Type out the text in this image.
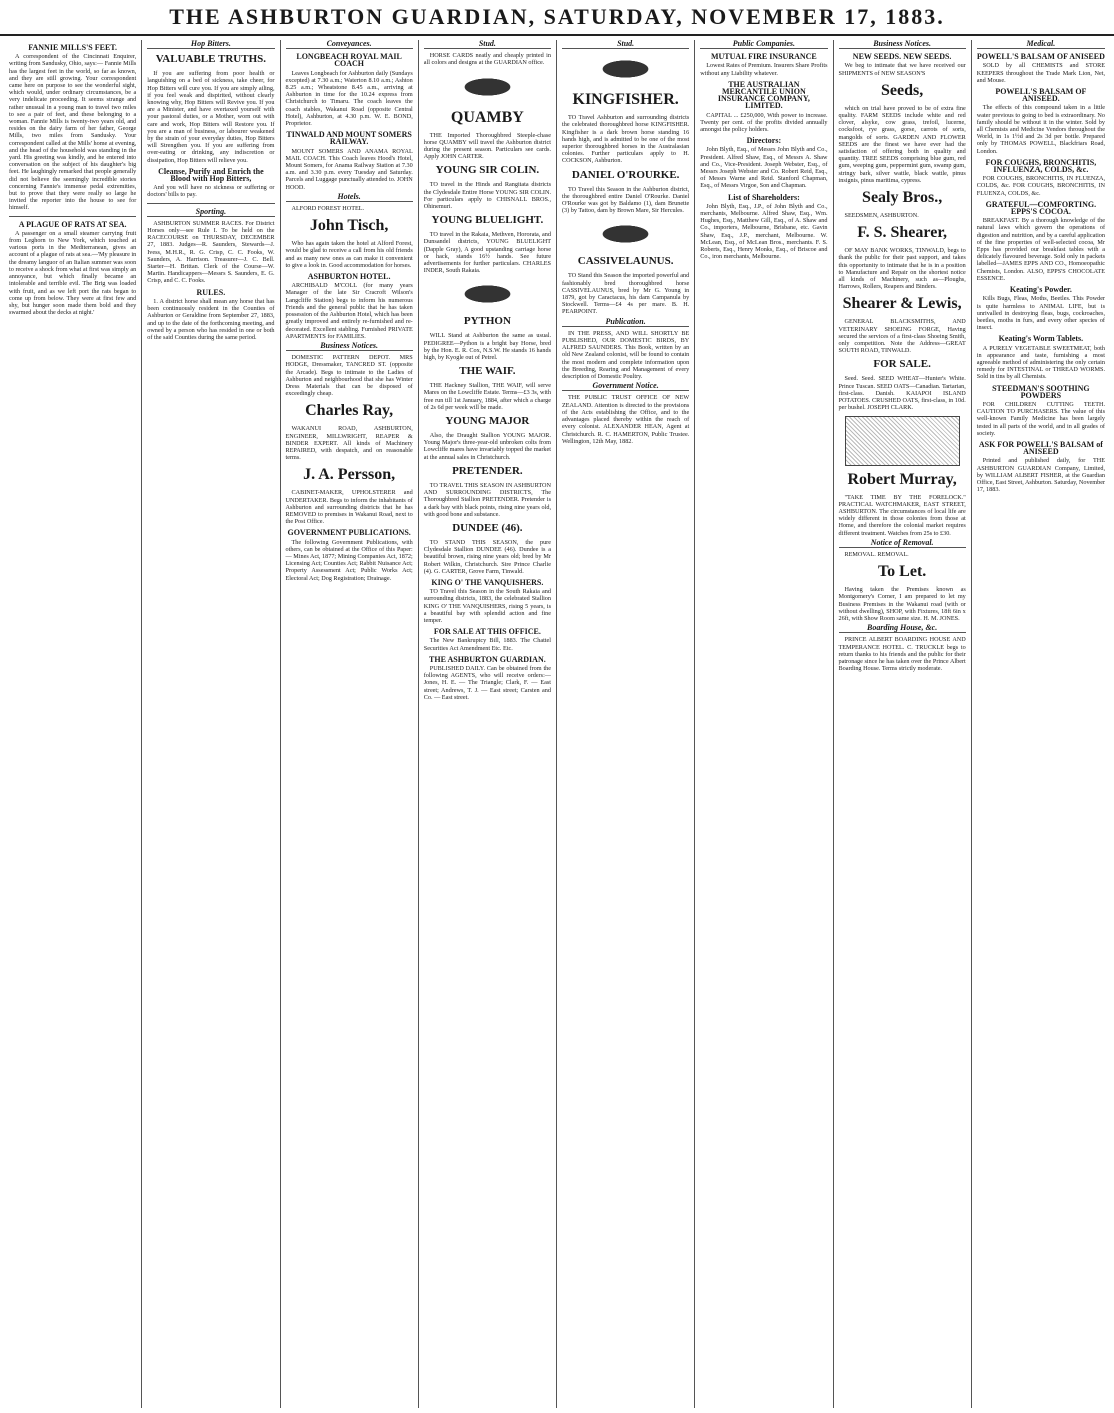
THE ASHBURTON GUARDIAN, SATURDAY, NOVEMBER 17, 1883.
FANNIE MILLS'S FEET.

A correspondent of the Cincinnati Enquirer, writing from Sandusky, Ohio, says:— Fannie Mills has the largest feet in the world, so far as known, and they are still growing. Your correspondent came here on purpose to see the wonderful sight, which would, under ordinary circumstances, be a very indelicate proceeding. It seems strange and rather unusual in a young man to travel two miles to see a pair of feet, and these belonging to a woman. Fannie Mills is twenty-two years old, and resides on the dairy farm of her father, George Mills, two miles from Sandusky. Your correspondent called at the Mills' home at evening, and the head of the household was standing in the yard. His greeting was kindly, and he entered into conversation on the subject of his daughter's big feet. He laughingly remarked that people generally did not believe the seemingly incredible stories concerning Fannie's immense pedal extremities, but to prove that they were really so large he invited the reporter into the house to see for himself.

A PLAGUE OF RATS AT SEA.

A passenger on a small steamer carrying fruit from Leghorn to New York, which touched at various ports in the Mediterranean, gives an account of a plague of rats at sea.—'My pleasure in the dreamy languor of an Italian summer was soon to receive a shock from what at first was simply an annoyance, but which finally became an intolerable and terrible evil. The Brig was loaded with fruit, and as we left port the rats began to come up from below. They were at first few and shy, but hunger soon made them bold and they swarmed about the decks at night.'

Hop Bitters.
VALUABLE TRUTHS.

If you are suffering from poor health or languishing on a bed of sickness, take cheer, for Hop Bitters will cure you. If you are simply ailing, if you feel weak and dispirited, without clearly knowing why, Hop Bitters will Revive you. If you are a Minister, and have overtaxed yourself with your pastoral duties, or a Mother, worn out with care and work, Hop Bitters will Restore you. If you are a man of business, or labourer weakened by the strain of your everyday duties, Hop Bitters will Strengthen you. If you are suffering from over-eating or drinking, any indiscretion or dissipation, Hop Bitters will relieve you.

Cleanse, Purify and Enrich the Blood with Hop Bitters,

And you will have no sickness or suffering or doctors' bills to pay.

Sporting.

ASHBURTON SUMMER RACES. For District Horses only—see Rule I. To be held on the RACECOURSE on THURSDAY, DECEMBER 27, 1883. Judges—R. Saunders, Stewards—J. Ivess, M.H.R., R. G. Crisp, C. C. Fooks, W. Saunders, A. Harrison. Treasurer—J. C. Bell. Starter—H. Brittan. Clerk of the Course—W. Martin. Handicappers—Messrs S. Saunders, E. G. Crisp, and C. C. Fooks.

RULES.

1. A district horse shall mean any horse that has been continuously resident in the Counties of Ashburton or Geraldine from September 27, 1883, and up to the date of the forthcoming meeting, and owned by a person who has resided in one or both of the said Counties during the same period.

Conveyances.
LONGBEACH ROYAL MAIL COACH

Leaves Longbeach for Ashburton daily (Sundays excepted) at 7.30 a.m.; Waterton 8.10 a.m.; Ashton 8.25 a.m.; Wheatstone 8.45 a.m., arriving at Ashburton in time for the 10.24 express from Christchurch to Timaru. The coach leaves the coach stables, Wakanui Road (opposite Central Hotel), Ashburton, at 4.30 p.m. W. E. BOND, Proprietor.

TINWALD AND MOUNT SOMERS RAILWAY.

MOUNT SOMERS AND ANAMA ROYAL MAIL COACH. This Coach leaves Hood's Hotel, Mount Somers, for Anama Railway Station at 7.30 a.m. and 3.30 p.m. every Tuesday and Saturday. Parcels and Luggage punctually attended to. JOHN HOOD.

Hotels.

ALFORD FOREST HOTEL.

John Tisch,

Who has again taken the hotel at Alford Forest, would be glad to receive a call from his old friends and as many new ones as can make it convenient to give a look in. Good accommodation for horses.

ASHBURTON HOTEL.

ARCHIBALD M'COLL (for many years Manager of the late Sir Cracroft Wilson's Langcliffe Station) begs to inform his numerous Friends and the general public that he has taken possession of the Ashburton Hotel, which has been greatly improved and entirely re-furnished and re-decorated. Excellent stabling. Furnished PRIVATE APARTMENTS for FAMILIES.

Business Notices.

DOMESTIC PATTERN DEPOT. MRS HODGE, Dressmaker, TANCRED ST. (opposite the Arcade). Begs to intimate to the Ladies of Ashburton and neighbourhood that she has Winter Dress Materials that can be disposed of exceedingly cheap.

Charles Ray,

WAKANUI ROAD, ASHBURTON, ENGINEER, MILLWRIGHT, REAPER & BINDER EXPERT. All kinds of Machinery REPAIRED, with despatch, and on reasonable terms.

J. A. Persson,

CABINET-MAKER, UPHOLSTERER and UNDERTAKER. Begs to inform the inhabitants of Ashburton and surrounding districts that he has REMOVED to premises in Wakanui Road, next to the Post Office.

GOVERNMENT PUBLICATIONS.

The following Government Publications, with others, can be obtained at the Office of this Paper:— Mines Act, 1877; Mining Companies Act, 1872; Licensing Act; Counties Act; Rabbit Nuisance Act; Property Assessment Act; Public Works Act; Electoral Act; Dog Registration; Drainage.

Stud.

HORSE CARDS neatly and cheaply printed in all colors and designs at the GUARDIAN office.

QUAMBY

THE Imported Thoroughbred Steeple-chase horse QUAMBY will travel the Ashburton district during the present season. Particulars see cards. Apply JOHN CARTER.

YOUNG SIR COLIN.

TO travel in the Hinds and Rangitata districts the Clydesdale Entire Horse YOUNG SIR COLIN. For particulars apply to CHISNALL BROS., Ohinemuri.

YOUNG BLUELIGHT.

TO travel in the Rakaia, Methven, Hororata, and Dunsandel districts, YOUNG BLUELIGHT (Dapple Gray), A good upstanding carriage horse or hack, stands 16½ hands. See future advertisements for further particulars. CHARLES INDER, South Rakaia.

PYTHON

WILL Stand at Ashburton the same as usual. PEDIGREE—Python is a bright bay Horse, bred by the Hon. E. R. Cox, N.S.W. He stands 16 hands high, by Kyogle out of Petrel.

THE WAIF.

THE Hackney Stallion, THE WAIF, will serve Mares on the Lowcliffe Estate. Terms—£3 3s, with free run till 1st January, 1884, after which a charge of 2s 6d per week will be made.

YOUNG MAJOR

Also, the Draught Stallion YOUNG MAJOR. Young Major's three-year-old unbroken colts from Lowcliffe mares have invariably topped the market at the annual sales in Christchurch.

PRETENDER.

TO TRAVEL THIS SEASON IN ASHBURTON AND SURROUNDING DISTRICTS, The Thoroughbred Stallion PRETENDER. Pretender is a dark bay with black points, rising nine years old, with good bone and substance.

DUNDEE (46).

TO STAND THIS SEASON, the pure Clydesdale Stallion DUNDEE (46). Dundee is a beautiful brown, rising nine years old; bred by Mr Robert Wilkin, Christchurch. Sire Prince Charlie (4). G. CARTER, Grove Farm, Tinwald.

KING O' THE VANQUISHERS.

TO Travel this Season in the South Rakaia and surrounding districts, 1883, the celebrated Stallion KING O' THE VANQUISHERS, rising 5 years, is a beautiful bay with splendid action and fine temper.

FOR SALE AT THIS OFFICE.

The New Bankruptcy Bill, 1883. The Chattel Securities Act Amendment Etc. Etc.

THE ASHBURTON GUARDIAN.

PUBLISHED DAILY. Can be obtained from the following AGENTS, who will receive orders:— Jones, H. E. — The Triangle; Clark, F. — East street; Andrews, T. J. — East street; Carsten and Co. — East street.

Stud.
KINGFISHER.

TO Travel Ashburton and surrounding districts the celebrated thoroughbred horse KINGFISHER. Kingfisher is a dark brown horse standing 16 hands high, and is admitted to be one of the most superior thoroughbred horses in the Australasian colonies. Further particulars apply to H. COCKSON, Ashburton.

DANIEL O'ROURKE.

TO Travel this Season in the Ashburton district, the thoroughbred entire Daniel O'Rourke. Daniel O'Rourke was got by Baldamo (1), dam Brunette (3) by Tattoo, dam by Brown Mare, Sir Hercules.

CASSIVELAUNUS.

TO Stand this Season the imported powerful and fashionably bred thoroughbred horse CASSIVELAUNUS, bred by Mr G. Young in 1879, got by Caractacus, his dam Campanula by Stockwell. Terms—£4 4s per mare. B. H. PEARPOINT.

Publication.

IN THE PRESS, AND WILL SHORTLY BE PUBLISHED, OUR DOMESTIC BIRDS, BY ALFRED SAUNDERS. This Book, written by an old New Zealand colonist, will be found to contain the most modern and complete information upon the Breeding, Rearing and Management of every description of Domestic Poultry.

Government Notice.

THE PUBLIC TRUST OFFICE OF NEW ZEALAND. Attention is directed to the provisions of the Acts establishing the Office, and to the advantages placed thereby within the reach of every colonist. ALEXANDER HEAN, Agent at Christchurch. R. C. HAMERTON, Public Trustee. Wellington, 12th May, 1882.

Public Companies.
MUTUAL FIRE INSURANCE

Lowest Rates of Premium. Insurers Share Profits without any Liability whatever.

THE AUSTRALIAN MERCANTILE UNION INSURANCE COMPANY, LIMITED.

CAPITAL ... £250,000, With power to increase. Twenty per cent. of the profits divided annually amongst the policy holders.

Directors:

John Blyth, Esq., of Messrs John Blyth and Co., President. Alfred Shaw, Esq., of Messrs A. Shaw and Co., Vice-President. Joseph Webster, Esq., of Messrs Joseph Webster and Co. Robert Reid, Esq., of Messrs Warne and Reid. Stanford Chapman, Esq., of Messrs Virgoe, Son and Chapman.

List of Shareholders:

John Blyth, Esq., J.P., of John Blyth and Co., merchants, Melbourne. Alfred Shaw, Esq., Wm. Hughes, Esq., Matthew Gill, Esq., of A. Shaw and Co., importers, Melbourne, Brisbane, etc. Gavin Shaw, Esq., J.P., merchant, Melbourne. W. McLean, Esq., of McLean Bros., merchants. F. S. Roberts, Esq., Henry Monks, Esq., of Briscoe and Co., iron merchants, Melbourne.

Business Notices.
NEW SEEDS. NEW SEEDS.

We beg to intimate that we have received our SHIPMENTS of NEW SEASON'S

Seeds,

which on trial have proved to be of extra fine quality. FARM SEEDS include white and red clover, alsyke, cow grass, trefoil, lucerne, cocksfoot, rye grass, gorse, carrots of sorts, mangolds of sorts. GARDEN AND FLOWER SEEDS are the finest we have ever had the satisfaction of offering both in quality and quantity. TREE SEEDS comprising blue gum, red gum, weeping gum, peppermint gum, swamp gum, stringy bark, silver wattle, black wattle, pinus insignis, pinus maritima, cypress.

Sealy Bros.,

SEEDSMEN, ASHBURTON.

F. S. Shearer,

OF MAY BANK WORKS, TINWALD, begs to thank the public for their past support, and takes this opportunity to intimate that he is in a position to Manufacture and Repair on the shortest notice all kinds of Machinery, such as—Ploughs, Harrows, Rollers, Reapers and Binders.

Shearer & Lewis,

GENERAL BLACKSMITHS, AND VETERINARY SHOEING FORGE, Having secured the services of a first-class Shoeing Smith, only competition. Note the Address—GREAT SOUTH ROAD, TINWALD.

FOR SALE.

Seed. Seed. SEED WHEAT—Hunter's White. Prince Tuscan. SEED OATS—Canadian. Tartarian, first-class. Danish. KAIAPOI ISLAND POTATOES. CRUSHED OATS, first-class, in 10d. per bushel. JOSEPH CLARK.

Robert Murray,

"TAKE TIME BY THE FORELOCK." PRACTICAL WATCHMAKER, EAST STREET, ASHBURTON. The circumstances of local life are widely different in those colonies from those at Home, and therefore the colonial market requires different treatment. Watches from 25s to £30.

Notice of Removal.

REMOVAL. REMOVAL.

To Let.

Having taken the Premises known as Montgomery's Corner, I am prepared to let my Business Premises in the Wakanui road (with or without dwelling), SHOP, with Fixtures, 18ft 6in x 26ft, with Show Room same size. H. M. JONES.

Boarding House, &c.

PRINCE ALBERT BOARDING HOUSE AND TEMPERANCE HOTEL. C. TRUCKLE begs to return thanks to his friends and the public for their patronage since he has taken over the Prince Albert Boarding House. Terms strictly moderate.

Medical.
POWELL'S BALSAM OF ANISEED

SOLD by all CHEMISTS and STORE KEEPERS throughout the Trade Mark Lion, Net, and Mouse.

POWELL'S BALSAM OF ANISEED.

The effects of this compound taken in a little water previous to going to bed is extraordinary. No family should be without it in the winter. Sold by all Chemists and Medicine Vendors throughout the World, in 1s 1½d and 2s 3d per bottle. Prepared only by THOMAS POWELL, Blackfriars Road, London.

FOR COUGHS, BRONCHITIS, INFLUENZA, COLDS, &c.

FOR COUGHS, BRONCHITIS, IN FLUENZA, COLDS, &c. FOR COUGHS, BRONCHITIS, IN FLUENZA, COLDS, &c.

GRATEFUL—COMFORTING. EPPS'S COCOA.

BREAKFAST. By a thorough knowledge of the natural laws which govern the operations of digestion and nutrition, and by a careful application of the fine properties of well-selected cocoa, Mr Epps has provided our breakfast tables with a delicately flavoured beverage. Sold only in packets labelled—JAMES EPPS AND CO., Homoeopathic Chemists, London. ALSO, EPPS'S CHOCOLATE ESSENCE.

Keating's Powder.

Kills Bugs, Fleas, Moths, Beetles. This Powder is quite harmless to ANIMAL LIFE, but is unrivalled in destroying fleas, bugs, cockroaches, beetles, moths in furs, and every other species of insect.

Keating's Worm Tablets.

A PURELY VEGETABLE SWEETMEAT, both in appearance and taste, furnishing a most agreeable method of administering the only certain remedy for INTESTINAL or THREAD WORMS. Sold in tins by all Chemists.

STEEDMAN'S SOOTHING POWDERS

FOR CHILDREN CUTTING TEETH. CAUTION TO PURCHASERS. The value of this well-known Family Medicine has been largely tested in all parts of the world, and in all grades of society.

ASK FOR POWELL'S BALSAM of ANISEED

Printed and published daily, for THE ASHBURTON GUARDIAN Company, Limited, by WILLIAM ALBERT FISHER, at the Guardian Office, East Street, Ashburton. Saturday, November 17, 1883.
